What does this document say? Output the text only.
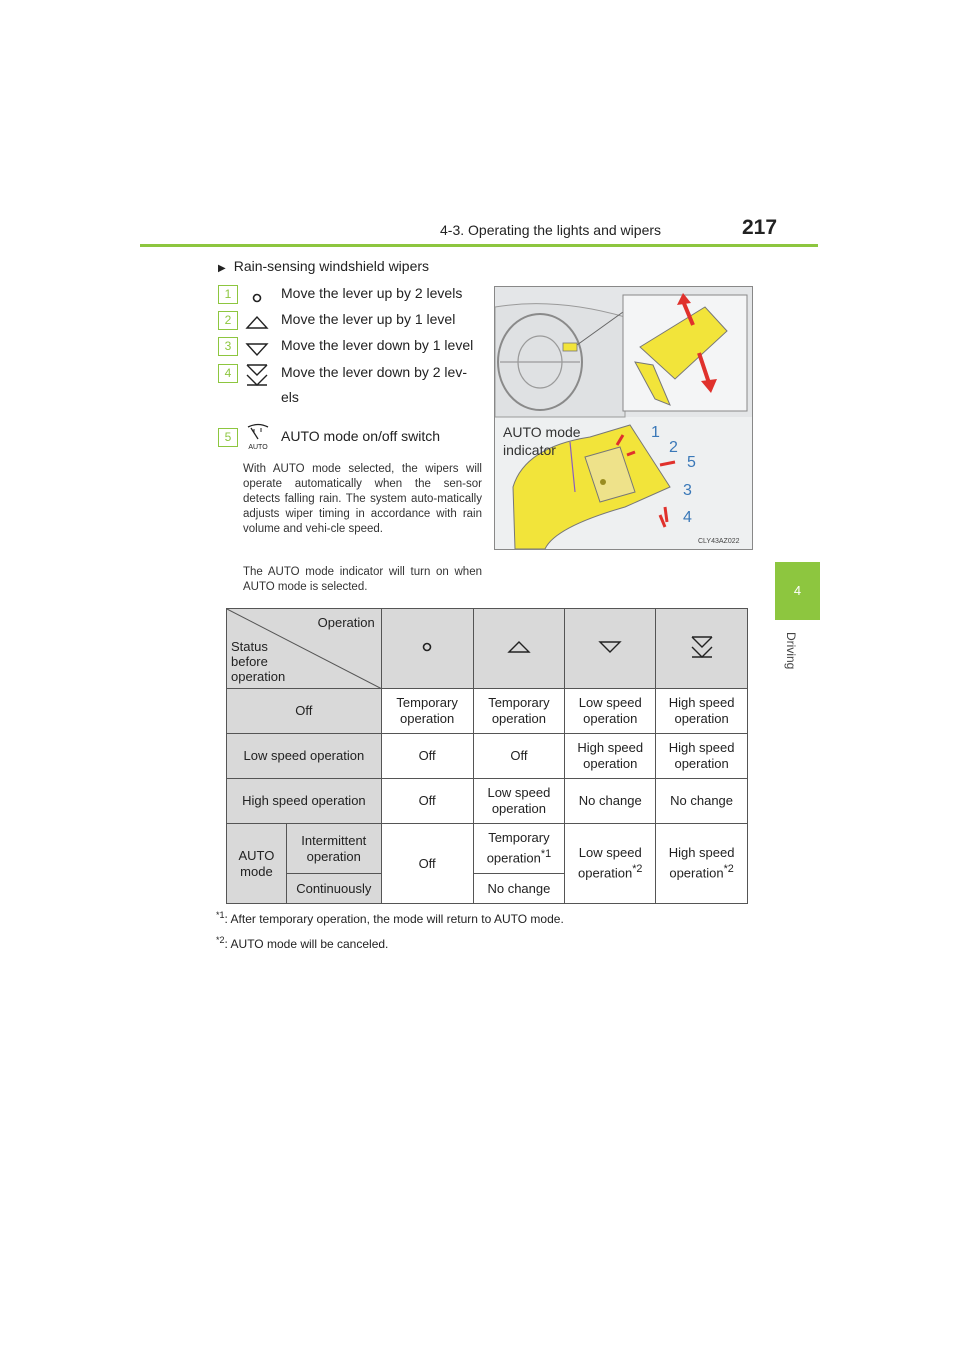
4-3. Operating the lights and wipers	217
4
Driving
▶ Rain-sensing windshield wipers
1	Move the lever up by 2 levels
2	Move the lever up by 1 level
3	Move the lever down by 1 level
4	Move the lever down by 2 lev-els
5
AUTO
AUTO mode on/off switch
With AUTO mode selected, the wipers will operate automatically when the sen-sor detects falling rain. The system auto-matically adjusts wiper timing in accordance with rain volume and vehi-cle speed.
The AUTO mode indicator will turn on when AUTO mode is selected.
AUTO mode
indicator
1
2
5
3
4
CLY43AZ022
Operation
Status
before
operation

Off		Temporary operation	Temporary operation	Low speed operation	High speed operation
Low speed operation		Off	Off	High speed operation	High speed operation
High speed operation		Off	Low speed operation	No change	No change
AUTO mode	Intermittent operation	Off	Temporary operation$^{*1}$	Low speed operation$^{*2}$	High speed operation$^{*2}$
	Continuously		No change		
$^{*1}$: After temporary operation, the mode will return to AUTO mode.
$^{*2}$: AUTO mode will be canceled.
